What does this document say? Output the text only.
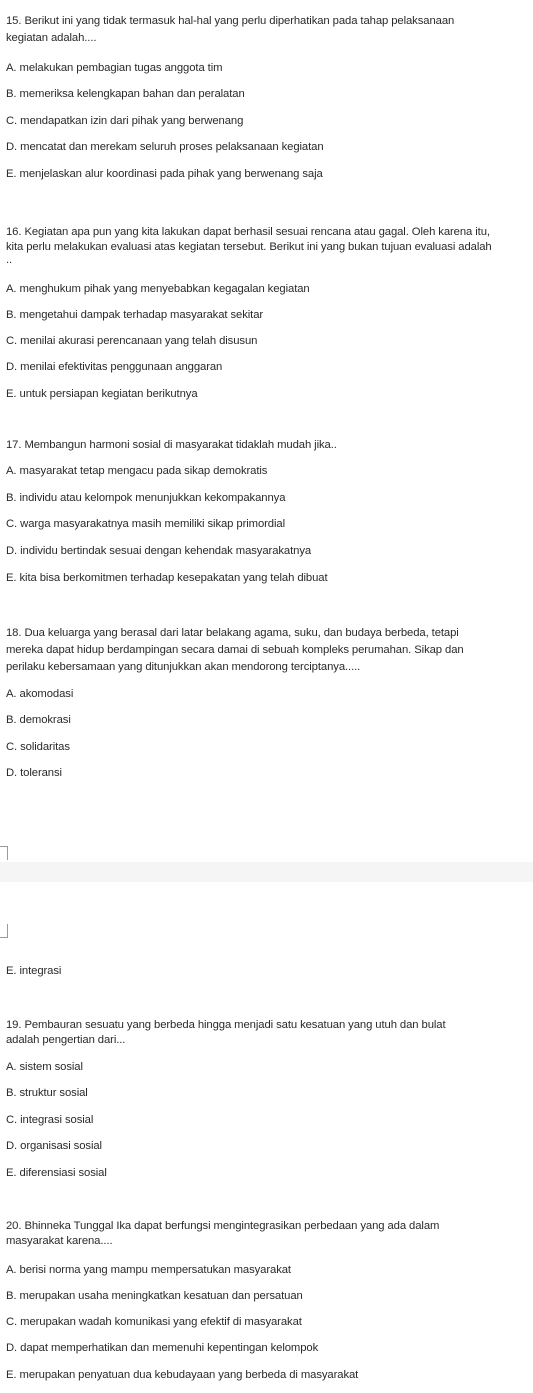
15. Berikut ini yang tidak termasuk hal-hal yang perlu diperhatikan pada tahap pelaksanaan
kegiatan adalah....
A. melakukan pembagian tugas anggota tim
B. memeriksa kelengkapan bahan dan peralatan
C. mendapatkan izin dari pihak yang berwenang
D. mencatat dan merekam seluruh proses pelaksanaan kegiatan
E. menjelaskan alur koordinasi pada pihak yang berwenang saja
16. Kegiatan apa pun yang kita lakukan dapat berhasil sesuai rencana atau gagal. Oleh karena itu,
kita perlu melakukan evaluasi atas kegiatan tersebut. Berikut ini yang bukan tujuan evaluasi adalah
..
A. menghukum pihak yang menyebabkan kegagalan kegiatan
B. mengetahui dampak terhadap masyarakat sekitar
C. menilai akurasi perencanaan yang telah disusun
D. menilai efektivitas penggunaan anggaran
E. untuk persiapan kegiatan berikutnya
17. Membangun harmoni sosial di masyarakat tidaklah mudah jika..
A. masyarakat tetap mengacu pada sikap demokratis
B. individu atau kelompok menunjukkan kekompakannya
C. warga masyarakatnya masih memiliki sikap primordial
D. individu bertindak sesuai dengan kehendak masyarakatnya
E. kita bisa berkomitmen terhadap kesepakatan yang telah dibuat
18. Dua keluarga yang berasal dari latar belakang agama, suku, dan budaya berbeda, tetapi
mereka dapat hidup berdampingan secara damai di sebuah kompleks perumahan. Sikap dan
perilaku kebersamaan yang ditunjukkan akan mendorong terciptanya.....
A. akomodasi
B. demokrasi
C. solidaritas
D. toleransi
E. integrasi
19. Pembauran sesuatu yang berbeda hingga menjadi satu kesatuan yang utuh dan bulat
adalah pengertian dari...
A. sistem sosial
B. struktur sosial
C. integrasi sosial
D. organisasi sosial
E. diferensiasi sosial
20. Bhinneka Tunggal Ika dapat berfungsi mengintegrasikan perbedaan yang ada dalam
masyarakat karena....
A. berisi norma yang mampu mempersatukan masyarakat
B. merupakan usaha meningkatkan kesatuan dan persatuan
C. merupakan wadah komunikasi yang efektif di masyarakat
D. dapat memperhatikan dan memenuhi kepentingan kelompok
E. merupakan penyatuan dua kebudayaan yang berbeda di masyarakat
